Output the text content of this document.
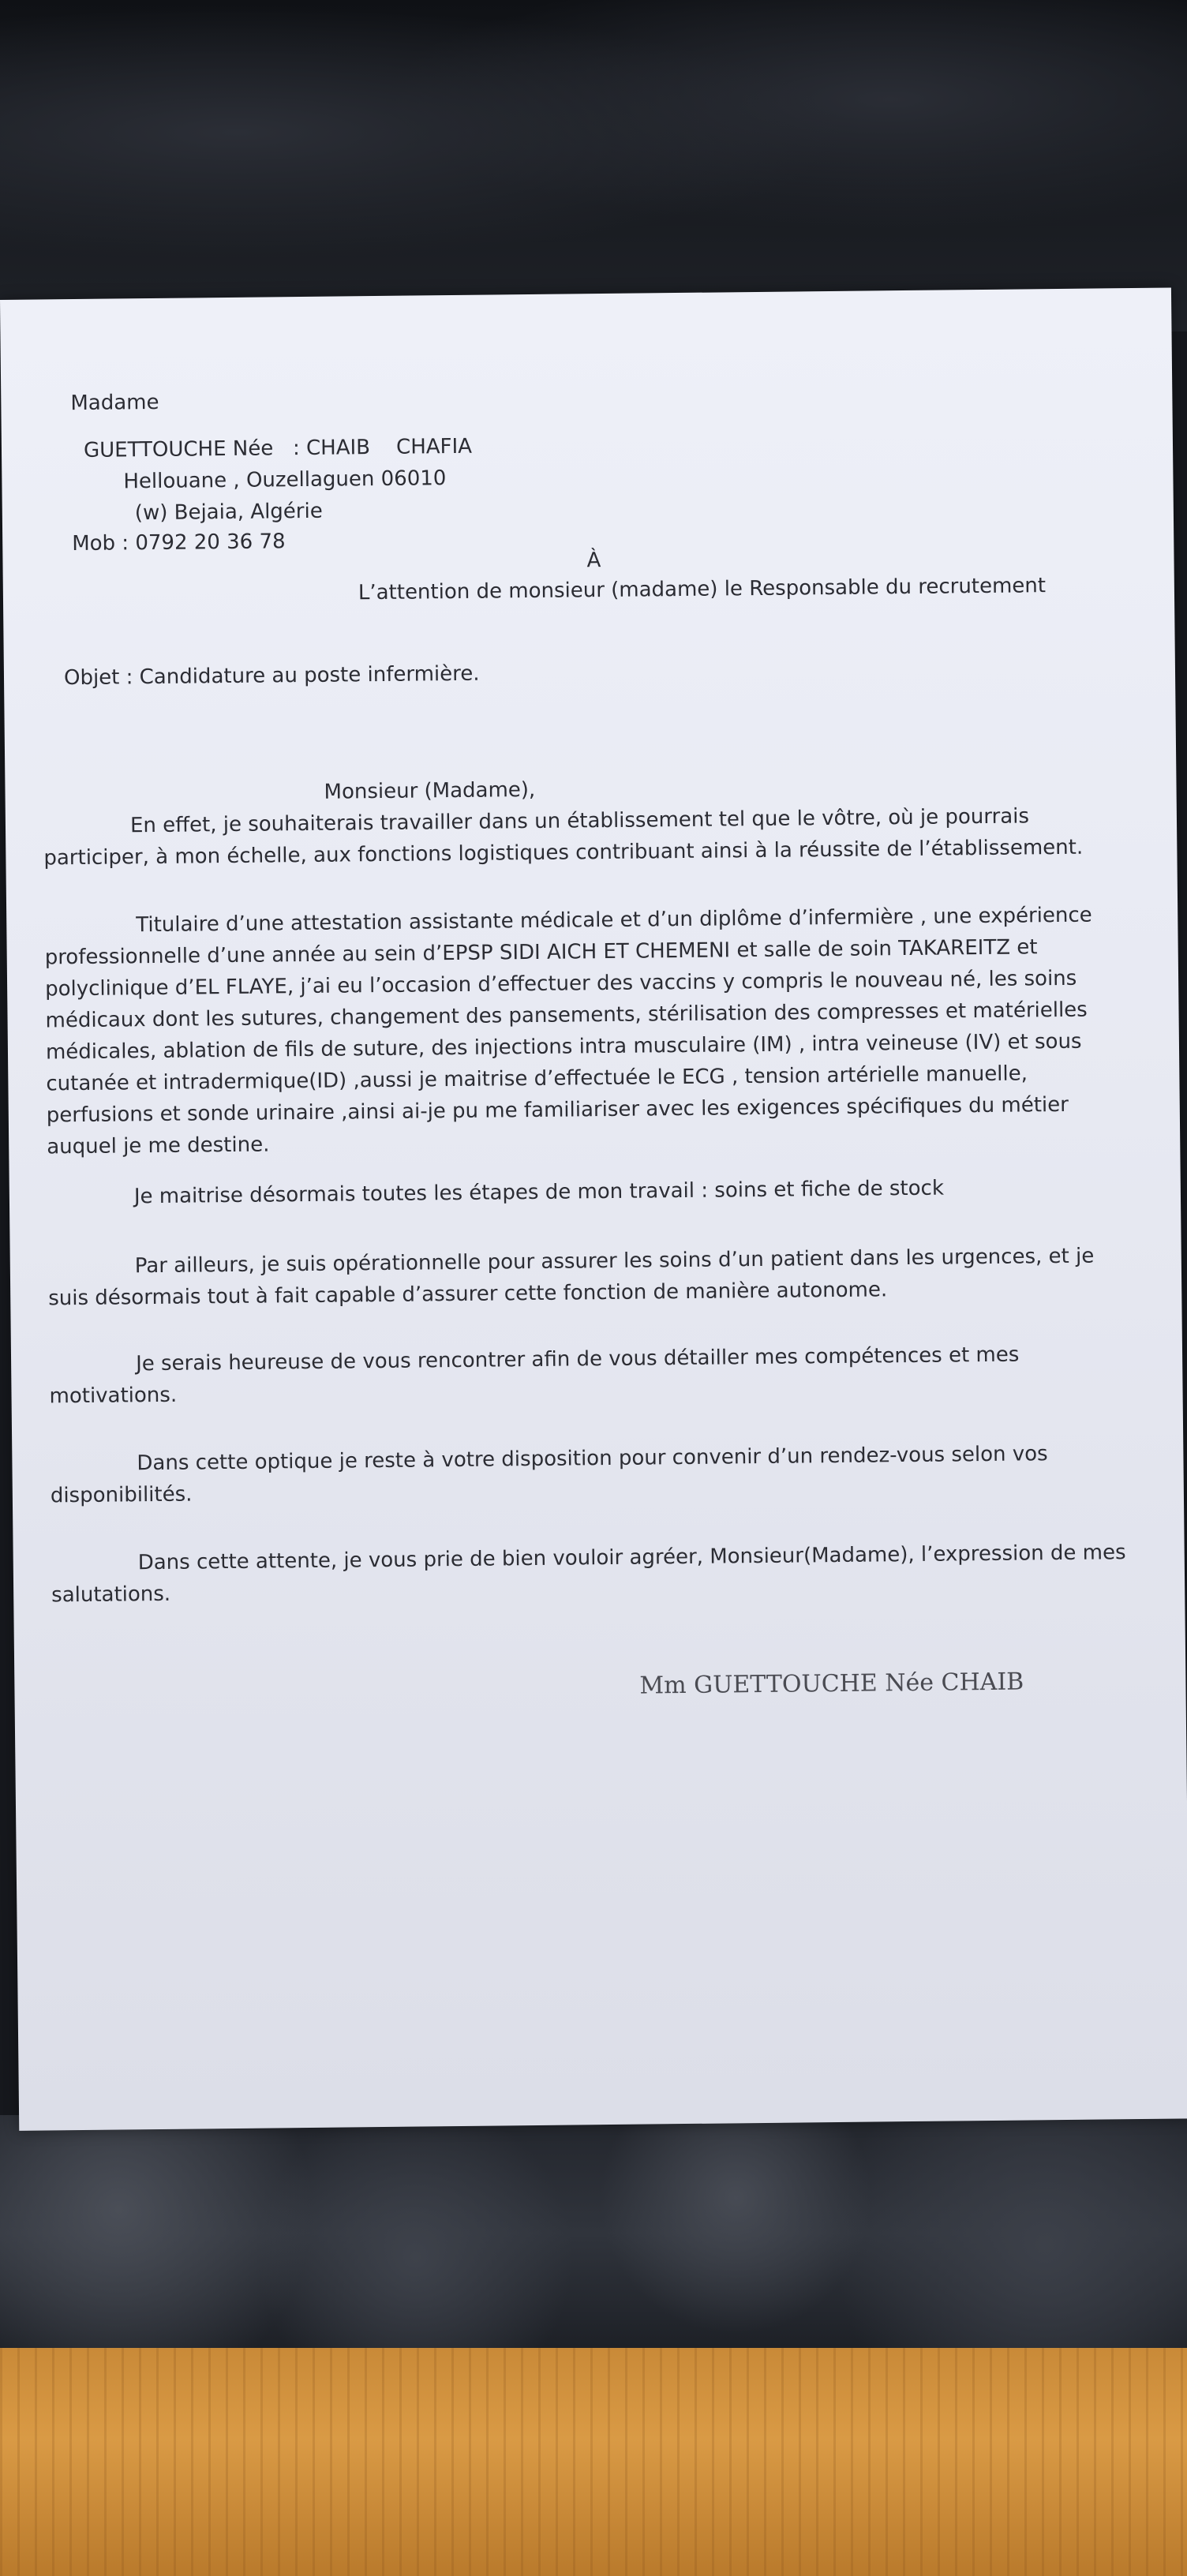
Madame
GUETTOUCHE Née   : CHAIB    CHAFIA
Hellouane , Ouzellaguen 06010
(w) Bejaia, Algérie
Mob : 0792 20 36 78
À
L’attention de monsieur (madame) le Responsable du recrutement
Objet : Candidature au poste infermière.
Monsieur (Madame),
En effet, je souhaiterais travailler dans un établissement tel que le vôtre, où je pourrais participer, à mon échelle, aux fonctions logistiques contribuant ainsi à la réussite de l’établissement.
Titulaire d’une attestation assistante médicale et d’un diplôme d’infermière , une expérience professionnelle d’une année au sein d’EPSP SIDI AICH ET CHEMENI et salle de soin TAKAREITZ et polyclinique d’EL FLAYE, j’ai eu l’occasion d’effectuer des vaccins y compris le nouveau né, les soins médicaux dont les sutures, changement des pansements, stérilisation des compresses et matérielles médicales, ablation de fils de suture, des injections intra musculaire (IM) , intra veineuse (IV) et sous cutanée et intradermique(ID) ,aussi je maitrise d’effectuée le ECG , tension artérielle manuelle, perfusions et sonde urinaire ,ainsi ai-je pu me familiariser avec les exigences spécifiques du métier auquel je me destine.
Je maitrise désormais toutes les étapes de mon travail : soins et fiche de stock
Par ailleurs, je suis opérationnelle pour assurer les soins d’un patient dans les urgences, et je suis désormais tout à fait capable d’assurer cette fonction de manière autonome.
Je serais heureuse de vous rencontrer afin de vous détailler mes compétences et mes motivations.
Dans cette optique je reste à votre disposition pour convenir d’un rendez-vous selon vos disponibilités.
Dans cette attente, je vous prie de bien vouloir agréer, Monsieur(Madame), l’expression de mes salutations.
Mm GUETTOUCHE Née CHAIB
